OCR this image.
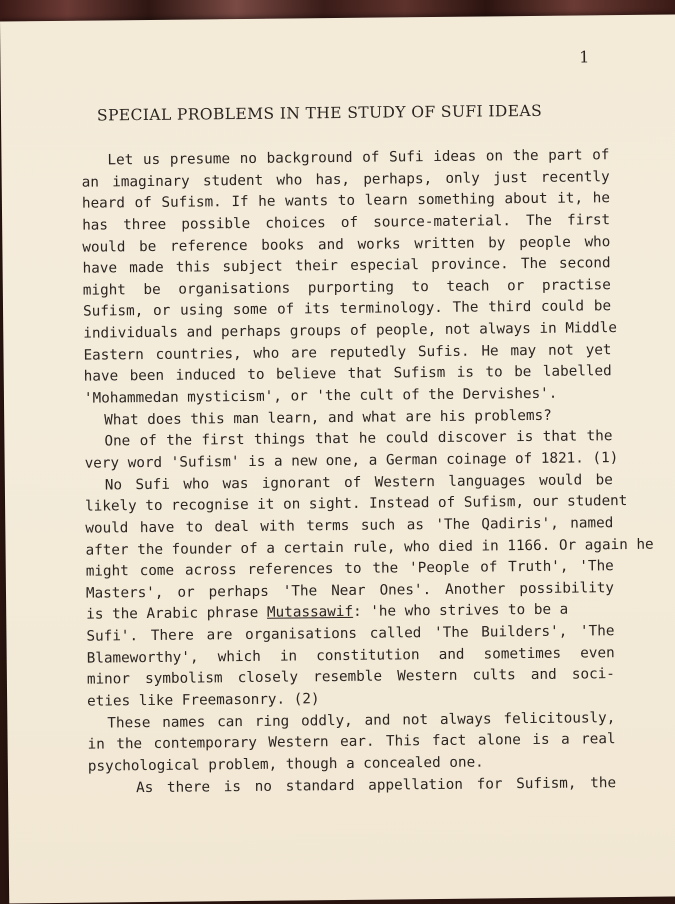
1
SPECIAL PROBLEMS IN THE STUDY OF SUFI IDEAS
Let us presume no background of Sufi ideas on the part of
an imaginary student who has, perhaps, only just recently
heard of Sufism. If he wants to learn something about it, he
has three possible choices of source-material. The first
would be reference books and works written by people who
have made this subject their especial province. The second
might be organisations purporting to teach or practise
Sufism, or using some of its terminology. The third could be
individuals and perhaps groups of people, not always in Middle
Eastern countries, who are reputedly Sufis. He may not yet
have been induced to believe that Sufism is to be labelled
'Mohammedan mysticism', or 'the cult of the Dervishes'.
What does this man learn, and what are his problems?
One of the first things that he could discover is that the
very word 'Sufism' is a new one, a German coinage of 1821. (1)
No Sufi who was ignorant of Western languages would be
likely to recognise it on sight. Instead of Sufism, our student
would have to deal with terms such as 'The Qadiris', named
after the founder of a certain rule, who died in 1166. Or again he
might come across references to the 'People of Truth', 'The
Masters', or perhaps 'The Near Ones'. Another possibility
is the Arabic phrase Mutassawif: 'he who strives to be a
Sufi'. There are organisations called 'The Builders', 'The
Blameworthy', which in constitution and sometimes even
minor symbolism closely resemble Western cults and soci-
eties like Freemasonry. (2)
These names can ring oddly, and not always felicitously,
in the contemporary Western ear. This fact alone is a real
psychological problem, though a concealed one.
As there is no standard appellation for Sufism, the
